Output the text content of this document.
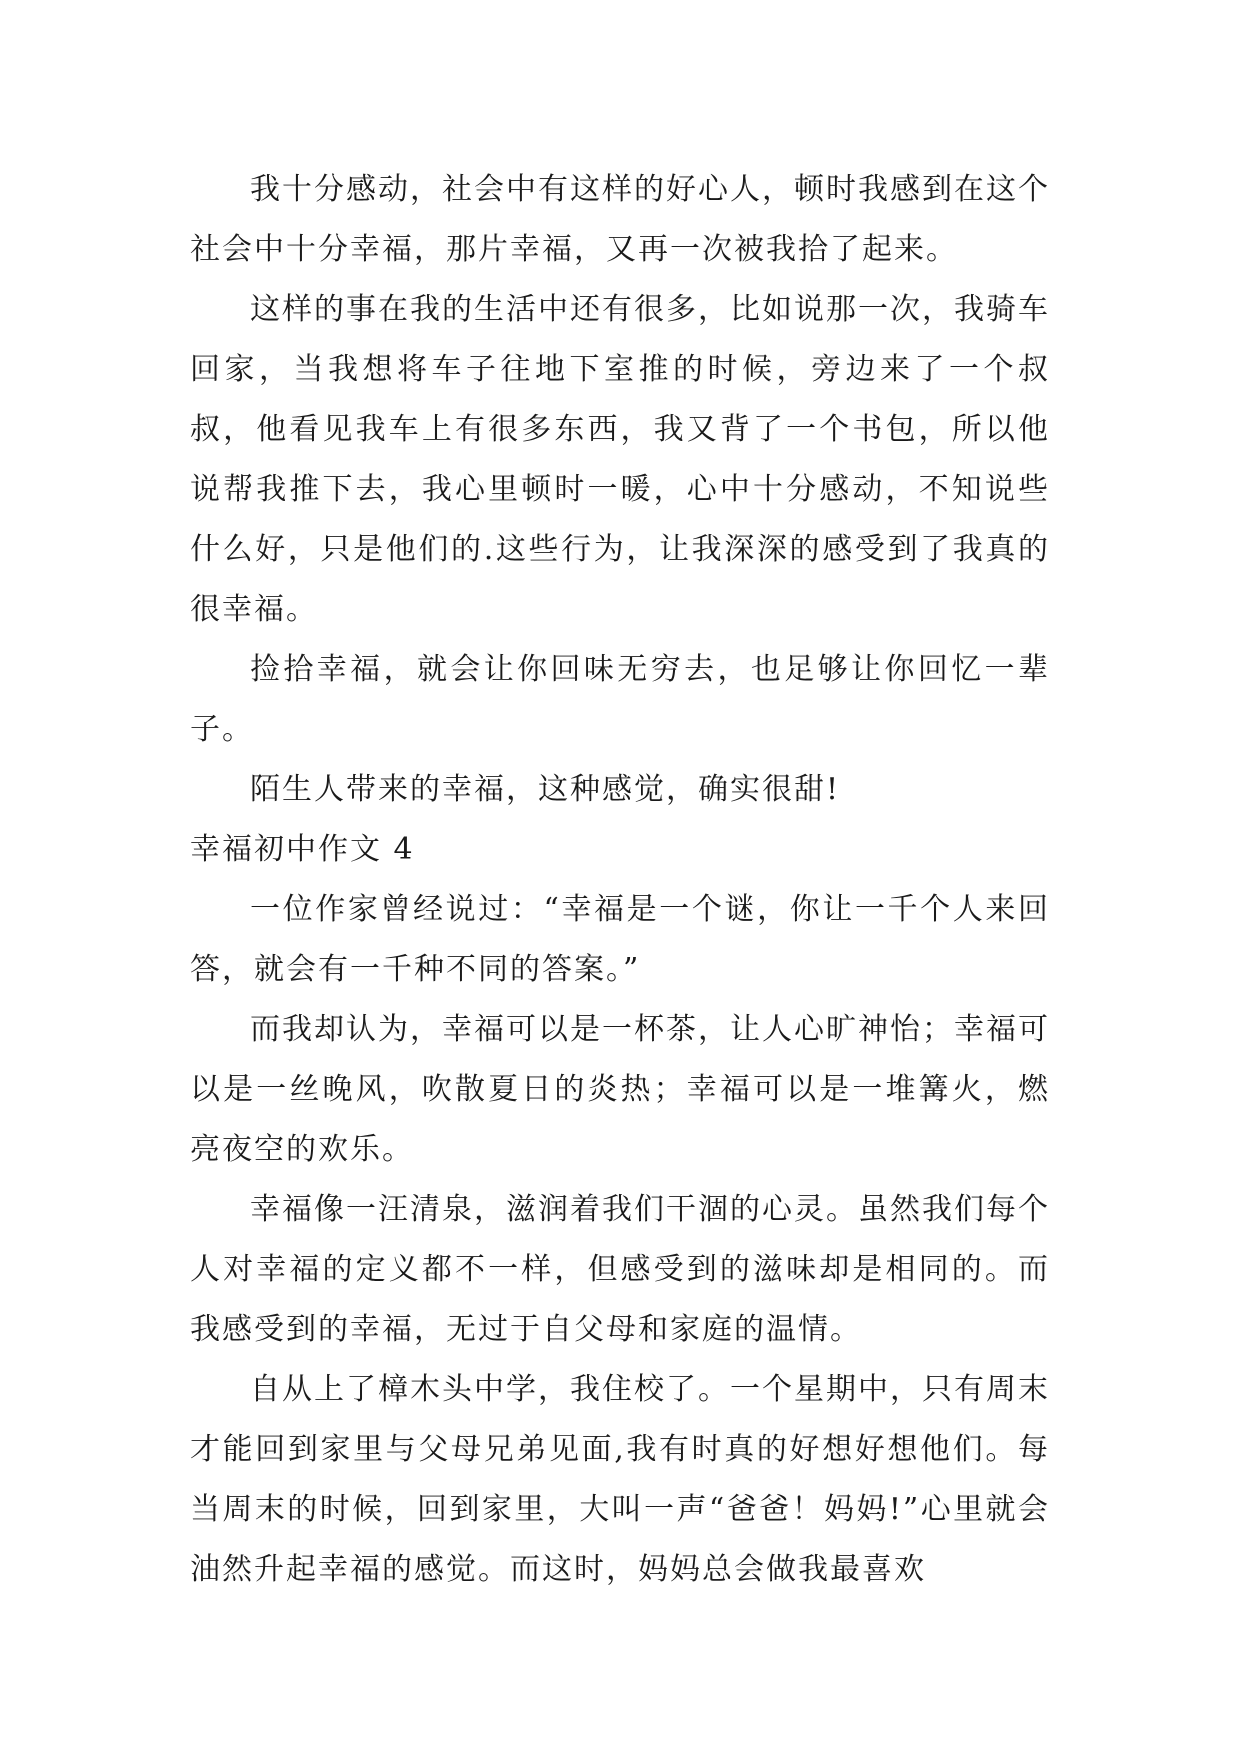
我十分感动，社会中有这样的好心人，顿时我感到在这个社会中十分幸福，那片幸福，又再一次被我拾了起来。

这样的事在我的生活中还有很多，比如说那一次，我骑车回家，当我想将车子往地下室推的时候，旁边来了一个叔叔，他看见我车上有很多东西，我又背了一个书包，所以他说帮我推下去，我心里顿时一暖，心中十分感动，不知说些什么好，只是他们的.这些行为，让我深深的感受到了我真的很幸福。

捡拾幸福，就会让你回味无穷去，也足够让你回忆一辈子。

陌生人带来的幸福，这种感觉，确实很甜!

幸福初中作文 4

一位作家曾经说过：“幸福是一个谜，你让一千个人来回答，就会有一千种不同的答案。”

而我却认为，幸福可以是一杯茶，让人心旷神怡；幸福可以是一丝晚风，吹散夏日的炎热；幸福可以是一堆篝火，燃亮夜空的欢乐。

幸福像一汪清泉，滋润着我们干涸的心灵。虽然我们每个人对幸福的定义都不一样，但感受到的滋味却是相同的。而我感受到的幸福，无过于自父母和家庭的温情。

自从上了樟木头中学，我住校了。一个星期中，只有周末才能回到家里与父母兄弟见面,我有时真的好想好想他们。每当周末的时候，回到家里，大叫一声“爸爸！妈妈!”心里就会油然升起幸福的感觉。而这时，妈妈总会做我最喜欢
